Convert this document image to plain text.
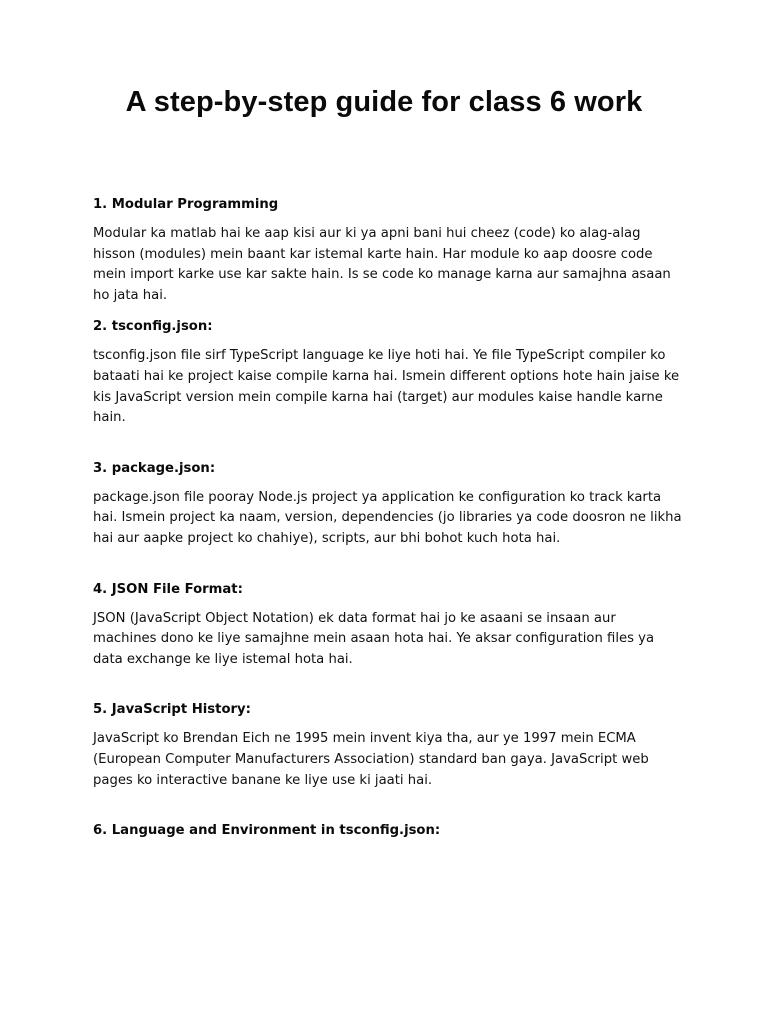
A step-by-step guide for class 6 work
1. Modular Programming

Modular ka matlab hai ke aap kisi aur ki ya apni bani hui cheez (code) ko alag-alag hisson (modules) mein baant kar istemal karte hain. Har module ko aap doosre code mein import karke use kar sakte hain. Is se code ko manage karna aur samajhna asaan ho jata hai.

2. tsconfig.json:

tsconfig.json file sirf TypeScript language ke liye hoti hai. Ye file TypeScript compiler ko bataati hai ke project kaise compile karna hai. Ismein different options hote hain jaise ke kis JavaScript version mein compile karna hai (target) aur modules kaise handle karne hain.

3. package.json:

package.json file pooray Node.js project ya application ke configuration ko track karta hai. Ismein project ka naam, version, dependencies (jo libraries ya code doosron ne likha hai aur aapke project ko chahiye), scripts, aur bhi bohot kuch hota hai.

4. JSON File Format:

JSON (JavaScript Object Notation) ek data format hai jo ke asaani se insaan aur machines dono ke liye samajhne mein asaan hota hai. Ye aksar configuration files ya data exchange ke liye istemal hota hai.

5. JavaScript History:

JavaScript ko Brendan Eich ne 1995 mein invent kiya tha, aur ye 1997 mein ECMA (European Computer Manufacturers Association) standard ban gaya. JavaScript web pages ko interactive banane ke liye use ki jaati hai.

6. Language and Environment in tsconfig.json:
